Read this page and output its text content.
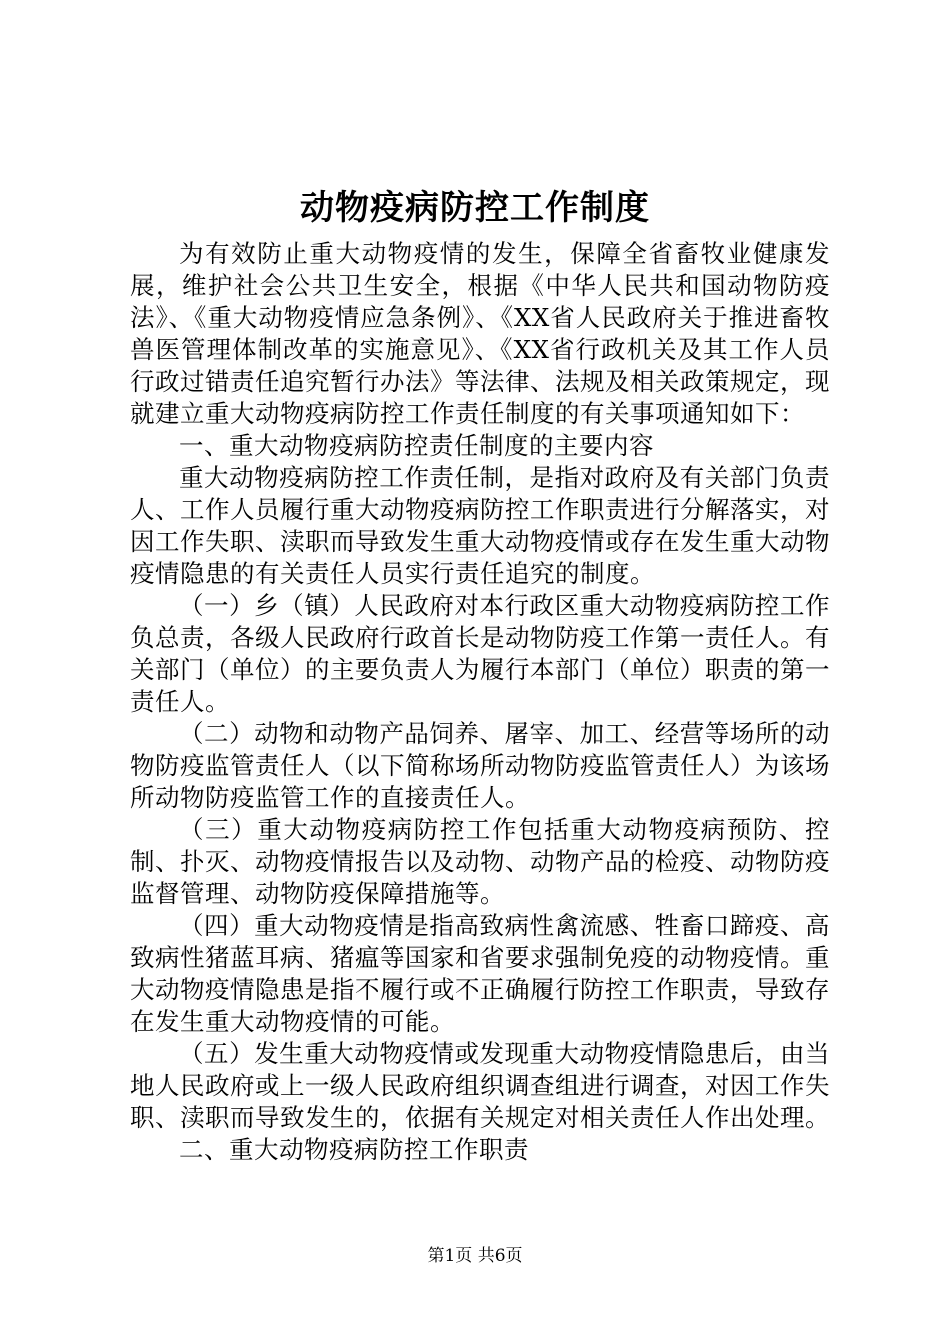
动物疫病防控工作制度

为有效防止重大动物疫情的发生，保障全省畜牧业健康发展，维护社会公共卫生安全，根据《中华人民共和国动物防疫法》、《重大动物疫情应急条例》、《XX省人民政府关于推进畜牧兽医管理体制改革的实施意见》、《XX省行政机关及其工作人员行政过错责任追究暂行办法》等法律、法规及相关政策规定，现就建立重大动物疫病防控工作责任制度的有关事项通知如下：

一、重大动物疫病防控责任制度的主要内容

重大动物疫病防控工作责任制，是指对政府及有关部门负责人、工作人员履行重大动物疫病防控工作职责进行分解落实，对因工作失职、渎职而导致发生重大动物疫情或存在发生重大动物疫情隐患的有关责任人员实行责任追究的制度。

（一）乡（镇）人民政府对本行政区重大动物疫病防控工作负总责，各级人民政府行政首长是动物防疫工作第一责任人。有关部门（单位）的主要负责人为履行本部门（单位）职责的第一责任人。

（二）动物和动物产品饲养、屠宰、加工、经营等场所的动物防疫监管责任人（以下简称场所动物防疫监管责任人）为该场所动物防疫监管工作的直接责任人。

（三）重大动物疫病防控工作包括重大动物疫病预防、控制、扑灭、动物疫情报告以及动物、动物产品的检疫、动物防疫监督管理、动物防疫保障措施等。

（四）重大动物疫情是指高致病性禽流感、牲畜口蹄疫、高致病性猪蓝耳病、猪瘟等国家和省要求强制免疫的动物疫情。重大动物疫情隐患是指不履行或不正确履行防控工作职责，导致存在发生重大动物疫情的可能。

（五）发生重大动物疫情或发现重大动物疫情隐患后，由当地人民政府或上一级人民政府组织调查组进行调查，对因工作失职、渎职而导致发生的，依据有关规定对相关责任人作出处理。

二、重大动物疫病防控工作职责

第1页 共6页
